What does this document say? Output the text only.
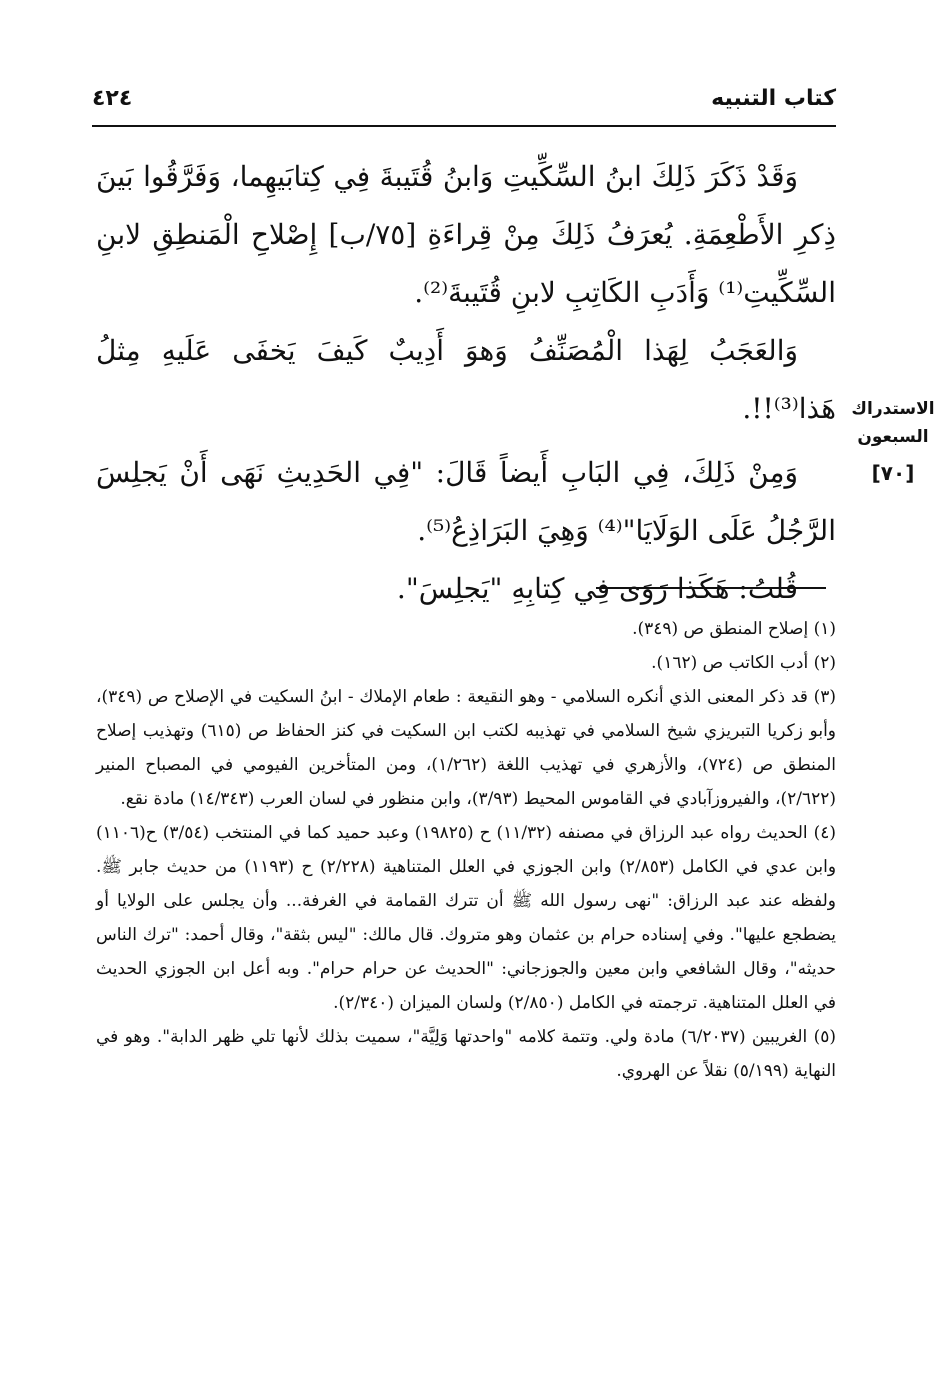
كتاب التنبيه
٤٢٤

وَقَدْ ذَكَرَ ذَلِكَ ابنُ السِّكِّيتِ وَابنُ قُتَيبةَ فِي كِتابَيهِما، وَفَرَّقُوا بَينَ ذِكرِ الأَطْعِمَةِ. يُعرَفُ ذَلِكَ مِنْ قِراءَةِ [٧٥/ب] إِصْلاحِ الْمَنطِقِ لابنِ السِّكِّيتِ⁽¹⁾ وَأَدَبِ الكَاتِبِ لابنِ قُتَيبةَ⁽²⁾.

وَالعَجَبُ لِهَذا الْمُصَنِّفُ وَهوَ أَدِيبٌ كَيفَ يَخفَى عَلَيهِ مِثلُ هَذا⁽³⁾!!.

وَمِنْ ذَلِكَ، فِي البَابِ أَيضاً قَالَ: "فِي الحَدِيثِ نَهَى أَنْ يَجلِسَ الرَّجُلُ عَلَى الوَلَايَا"⁽⁴⁾ وَهِيَ البَرَاذِعُ⁽⁵⁾.

قُلتُ: هَكَذا رَوَى فِي كِتابِهِ "يَجلِسَ".

الاستدراك
السبعون
[٧٠]

(١) إصلاح المنطق ص (٣٤٩).

(٢) أدب الكاتب ص (١٦٢).

(٣) قد ذكر المعنى الذي أنكره السلامي - وهو النقيعة : طعام الإملاك - ابنُ السكيت في الإصلاح ص (٣٤٩)، وأبو زكريا التبريزي شيخ السلامي في تهذيبه لكتب ابن السكيت في كنز الحفاظ ص (٦١٥) وتهذيب إصلاح المنطق ص (٧٢٤)، والأزهري في تهذيب اللغة (١/٢٦٢)، ومن المتأخرين الفيومي في المصباح المنير (٢/٦٢٢)، والفيروزآبادي في القاموس المحيط (٣/٩٣)، وابن منظور في لسان العرب (١٤/٣٤٣) مادة نقع.

(٤) الحديث رواه عبد الرزاق في مصنفه (١١/٣٢) ح (١٩٨٢٥) وعبد حميد كما في المنتخب (٣/٥٤) ح(١١٠٦) وابن عدي في الكامل (٢/٨٥٣) وابن الجوزي في العلل المتناهية (٢/٢٢٨) ح (١١٩٣) من حديث جابر ﷺ. ولفظه عند عبد الرزاق: "نهى رسول الله ﷺ أن تترك القمامة في الغرفة... وأن يجلس على الولايا أو يضطجع عليها". وفي إسناده حرام بن عثمان وهو متروك. قال مالك: "ليس بثقة"، وقال أحمد: "ترك الناس حديثه"، وقال الشافعي وابن معين والجوزجاني: "الحديث عن حرام حرام". وبه أعل ابن الجوزي الحديث في العلل المتناهية. ترجمته في الكامل (٢/٨٥٠) ولسان الميزان (٢/٣٤٠).

(٥) الغريبين (٦/٢٠٣٧) مادة ولي. وتتمة كلامه "واحدتها وَلِيَّة"، سميت بذلك لأنها تلي ظهر الدابة". وهو في النهاية (٥/١٩٩) نقلاً عن الهروي.
